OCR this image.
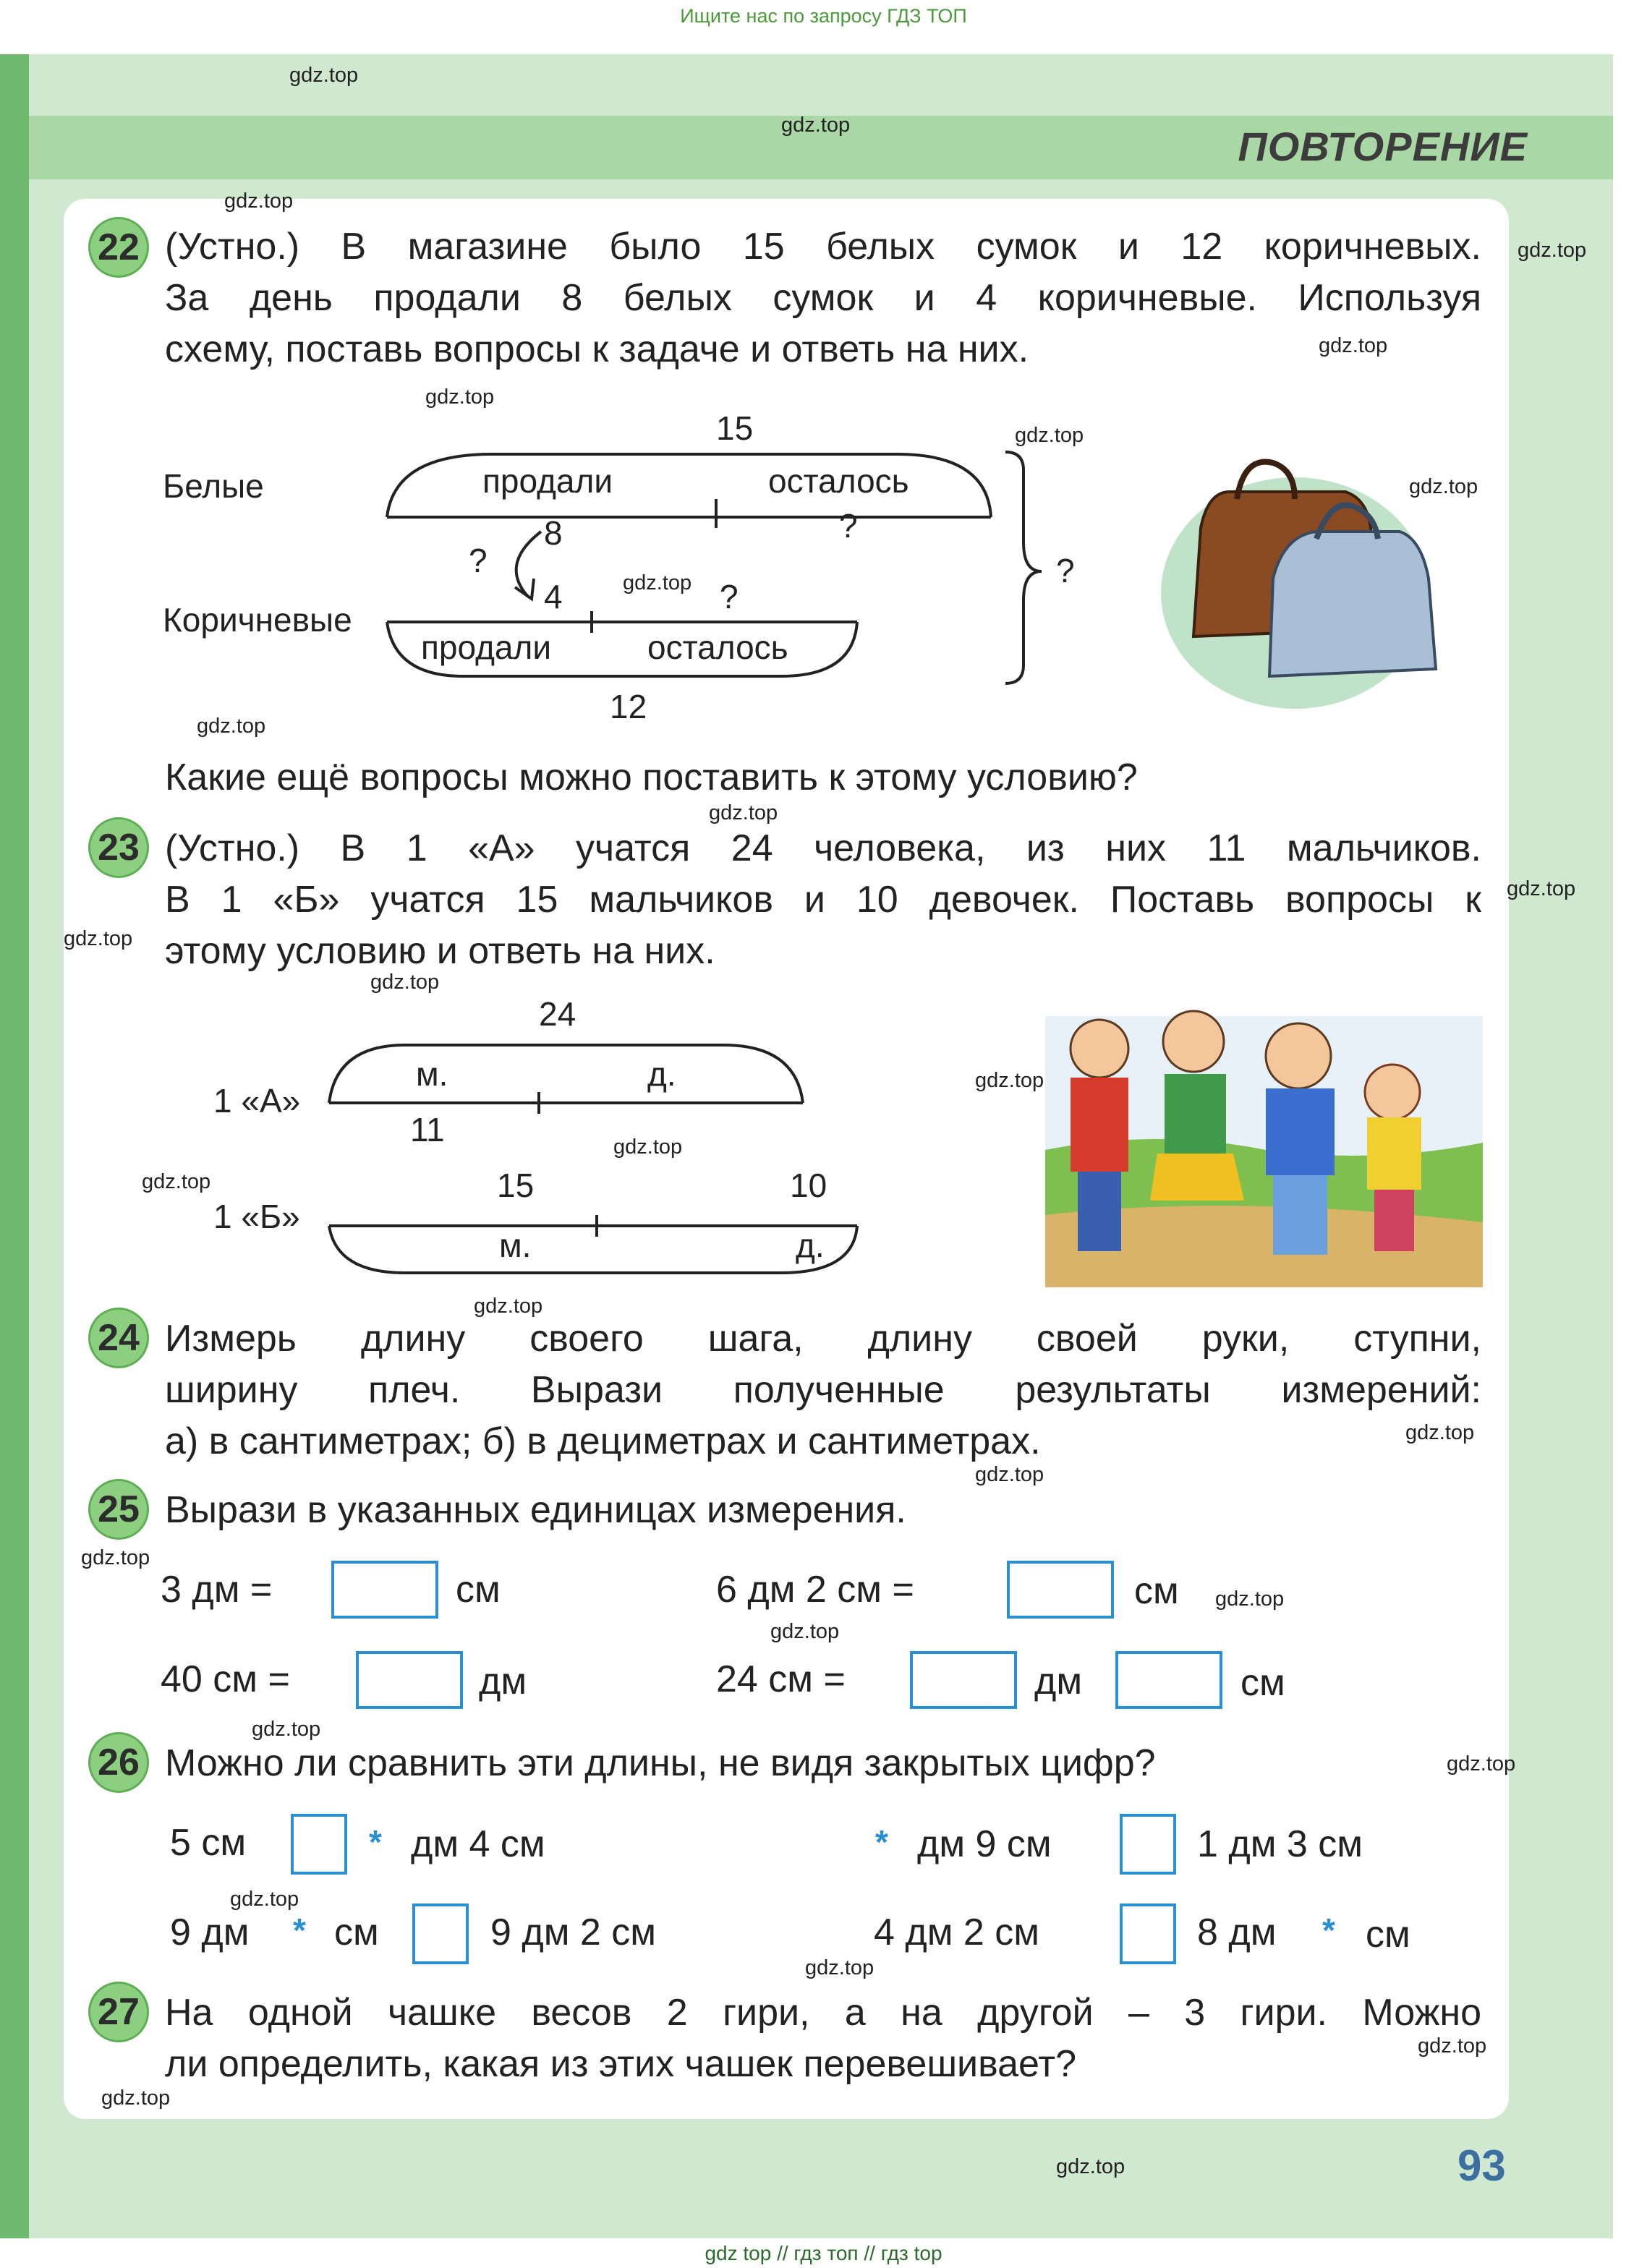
Ищите нас по запросу ГДЗ ТОП
ПОВТОРЕНИЕ
22 (Устно.) В магазине было 15 белых сумок и 12 коричневых.
За день продали 8 белых сумок и 4 коричневые. Используя
схему, поставь вопросы к задаче и ответь на них.
15
Белые	продали	осталось
8	?
?
4	?
?
Коричневые
продали	осталось
12
Какие ещё вопросы можно поставить к этому условию?
23 (Устно.) В 1 «А» учатся 24 человека, из них 11 мальчиков.
В 1 «Б» учатся 15 мальчиков и 10 девочек. Поставь вопросы к
этому условию и ответь на них.
24
м.	д.
1 «А»
11
15	10
1 «Б»
м.	д.
24 Измерь длину своего шага, длину своей руки, ступни,
ширину плеч. Вырази полученные результаты измерений:
а) в сантиметрах; б) в дециметрах и сантиметрах.
25 Вырази в указанных единицах измерения.
3 дм =	см	6 дм 2 см =	см
40 см =	дм	24 см =	дм	см
26 Можно ли сравнить эти длины, не видя закрытых цифр?
5 см	* дм 4 см	* дм 9 см	1 дм 3 см
9 дм	* см	9 дм 2 см	4 дм 2 см	8 дм	* см
27 На одной чашке весов 2 гири, а на другой – 3 гири. Можно
ли определить, какая из этих чашек перевешивает?
93
gdz top // гдз топ // гдз top
gdz.top
gdz.top
gdz.top
gdz.top
gdz.top
gdz.top
gdz.top
gdz.top
gdz.top
gdz.top
gdz.top
gdz.top
gdz.top
gdz.top
gdz.top
gdz.top
gdz.top
gdz.top
gdz.top
gdz.top
gdz.top
gdz.top
gdz.top
gdz.top
gdz.top
gdz.top
gdz.top
gdz.top
gdz.top
gdz.top
